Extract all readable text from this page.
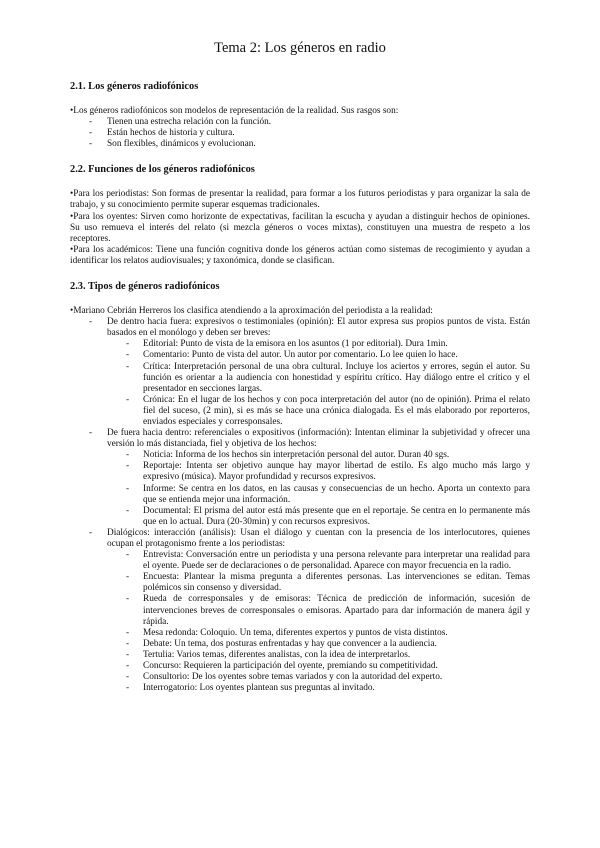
Tema 2: Los géneros en radio
2.1. Los géneros radiofónicos

• Los géneros radiofónicos son modelos de representación de la realidad. Sus rasgos son:

- Tienen una estrecha relación con la función.
- Están hechos de historia y cultura.
- Son flexibles, dinámicos y evolucionan.
2.2. Funciones de los géneros radiofónicos

• Para los periodistas: Son formas de presentar la realidad, para formar a los futuros periodistas y para organizar la sala de trabajo, y su conocimiento permite superar esquemas tradicionales.

• Para los oyentes: Sirven como horizonte de expectativas, facilitan la escucha y ayudan a distinguir hechos de opiniones. Su uso remueva el interés del relato (si mezcla géneros o voces mixtas), constituyen una muestra de respeto a los receptores.

• Para los académicos: Tiene una función cognitiva donde los géneros actúan como sistemas de recogimiento y ayudan a identificar los relatos audiovisuales; y taxonómica, donde se clasifican.

2.3. Tipos de géneros radiofónicos

• Mariano Cebrián Herreros los clasifica atendiendo a la aproximación del periodista a la realidad:

- De dentro hacia fuera: expresivos o testimoniales (opinión): El autor expresa sus propios puntos de vista. Están basados en el monólogo y deben ser breves:

- Editorial: Punto de vista de la emisora en los asuntos (1 por editorial). Dura 1min.
- Comentario: Punto de vista del autor. Un autor por comentario. Lo lee quien lo hace.
- Crítica: Interpretación personal de una obra cultural. Incluye los aciertos y errores, según el autor. Su función es orientar a la audiencia con honestidad y espíritu crítico. Hay diálogo entre el crítico y el presentador en secciones largas.
- Crónica: En el lugar de los hechos y con poca interpretación del autor (no de opinión). Prima el relato fiel del suceso, (2 min), si es más se hace una crónica dialogada. Es el más elaborado por reporteros, enviados especiales y corresponsales.

- De fuera hacia dentro: referenciales o expositivos (información): Intentan eliminar la subjetividad y ofrecer una versión lo más distanciada, fiel y objetiva de los hechos:

- Noticia: Informa de los hechos sin interpretación personal del autor. Duran 40 sgs.
- Reportaje: Intenta ser objetivo aunque hay mayor libertad de estilo. Es algo mucho más largo y expresivo (música). Mayor profundidad y recursos expresivos.
- Informe: Se centra en los datos, en las causas y consecuencias de un hecho. Aporta un contexto para que se entienda mejor una información.
- Documental: El prisma del autor está más presente que en el reportaje. Se centra en lo permanente más que en lo actual. Dura (20-30min) y con recursos expresivos.

- Dialógicos: interacción (análisis): Usan el diálogo y cuentan con la presencia de los interlocutores, quienes ocupan el protagonismo frente a los periodistas:

- Entrevista: Conversación entre un periodista y una persona relevante para interpretar una realidad para el oyente. Puede ser de declaraciones o de personalidad. Aparece con mayor frecuencia en la radio.
- Encuesta: Plantear la misma pregunta a diferentes personas. Las intervenciones se editan. Temas polémicos sin consenso y diversidad.
- Rueda de corresponsales y de emisoras: Técnica de predicción de información, sucesión de intervenciones breves de corresponsales o emisoras. Apartado para dar información de manera ágil y rápida.
- Mesa redonda: Coloquio. Un tema, diferentes expertos y puntos de vista distintos.
- Debate: Un tema, dos posturas enfrentadas y hay que convencer a la audiencia.
- Tertulia: Varios temas, diferentes analistas, con la idea de interpretarlos.
- Concurso: Requieren la participación del oyente, premiando su competitividad.
- Consultorio: De los oyentes sobre temas variados y con la autoridad del experto.
- Interrogatorio: Los oyentes plantean sus preguntas al invitado.
